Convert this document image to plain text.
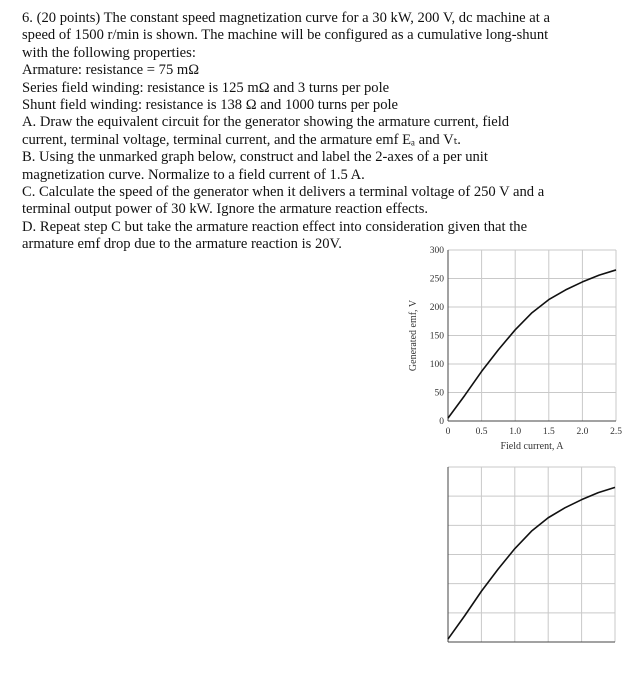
6. (20 points) The constant speed magnetization curve for a 30 kW, 200 V, dc machine at a
speed of 1500 r/min is shown. The machine will be configured as a cumulative long-shunt
with the following properties:
Armature: resistance = 75 mΩ
Series field winding: resistance is 125 mΩ and 3 turns per pole
Shunt field winding: resistance is 138 Ω and 1000 turns per pole
A. Draw the equivalent circuit for the generator showing the armature current, field
current, terminal voltage, terminal current, and the armature emf Eₐ and Vₜ.
B. Using the unmarked graph below, construct and label the 2-axes of a per unit
magnetization curve. Normalize to a field current of 1.5 A.
C. Calculate the speed of the generator when it delivers a terminal voltage of 250 V and a
terminal output power of 30 kW. Ignore the armature reaction effects.
D. Repeat step C but take the armature reaction effect into consideration given that the
armature emf drop due to the armature reaction is 20V.
0	0.5 1.0 1.5 2.0 2.5
0
50
100
150
200
250
300
Field current, A
Generated emf, V
